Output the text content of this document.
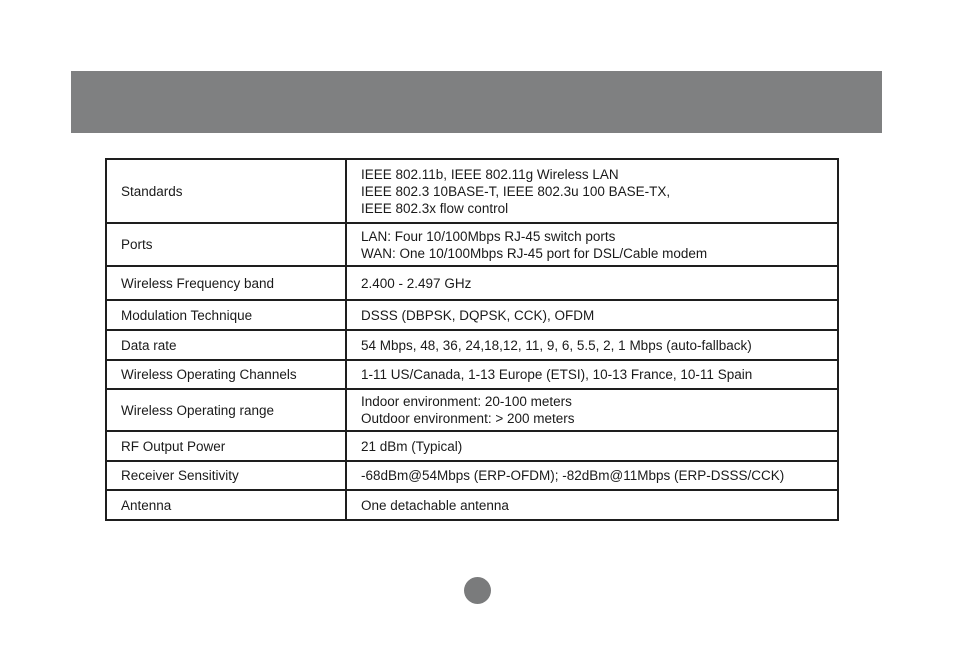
Standards	IEEE 802.11b, IEEE 802.11g Wireless LAN
IEEE 802.3 10BASE-T, IEEE 802.3u 100 BASE-TX,
IEEE 802.3x flow control

Ports	LAN: Four 10/100Mbps RJ-45 switch ports
WAN: One 10/100Mbps RJ-45 port for DSL/Cable modem

Wireless Frequency band	2.400 - 2.497 GHz

Modulation Technique	DSSS (DBPSK, DQPSK, CCK), OFDM

Data rate	54 Mbps, 48, 36, 24,18,12, 11, 9, 6, 5.5, 2, 1 Mbps (auto-fallback)

Wireless Operating Channels	1-11 US/Canada, 1-13 Europe (ETSI), 10-13 France, 10-11 Spain

Wireless Operating range	Indoor environment: 20-100 meters
Outdoor environment: > 200 meters

RF Output Power	21 dBm (Typical)

Receiver Sensitivity	-68dBm@54Mbps (ERP-OFDM); -82dBm@11Mbps (ERP-DSSS/CCK)

Antenna	One detachable antenna
